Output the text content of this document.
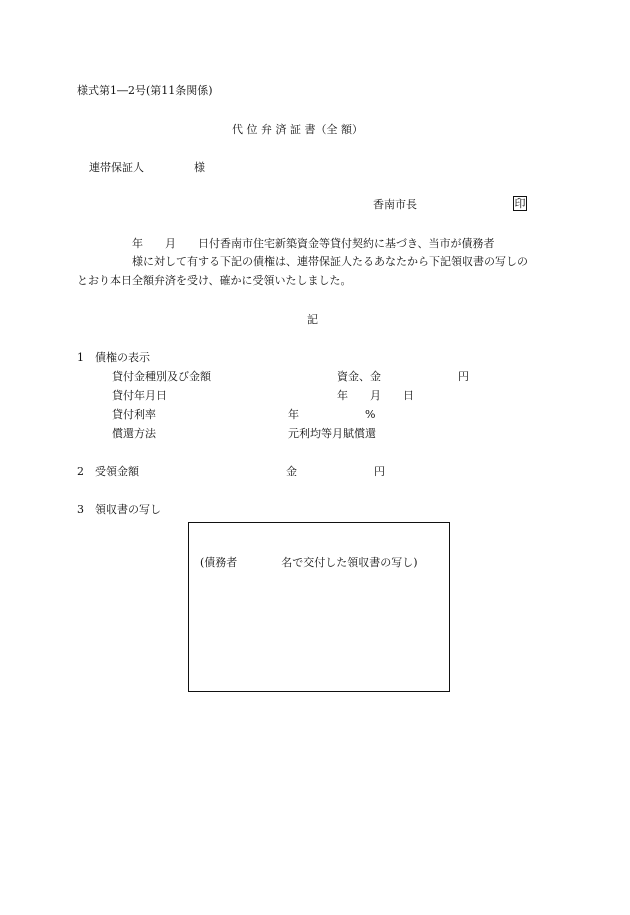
様式第1―2号(第11条関係)
代 位 弁 済 証 書（全 額）
連帯保証人	様
香南市長	印
　　　　　年　　月　　日付香南市住宅新築資金等貸付契約に基づき、当市が債務者
　　　　　様に対して有する下記の債権は、連帯保証人たるあなたから下記領収書の写しの
とおり本日全額弁済を受け、確かに受領いたしました。
記
1　債権の表示
貸付金種別及び金額	資金、金　　　　　　　円
貸付年月日	年　　月　　日
貸付利率	年　　　　　　%
償還方法	元利均等月賦償還
2　受領金額	金　　　　　　　円
3　領収書の写し
(債務者　　　　名で交付した領収書の写し)
